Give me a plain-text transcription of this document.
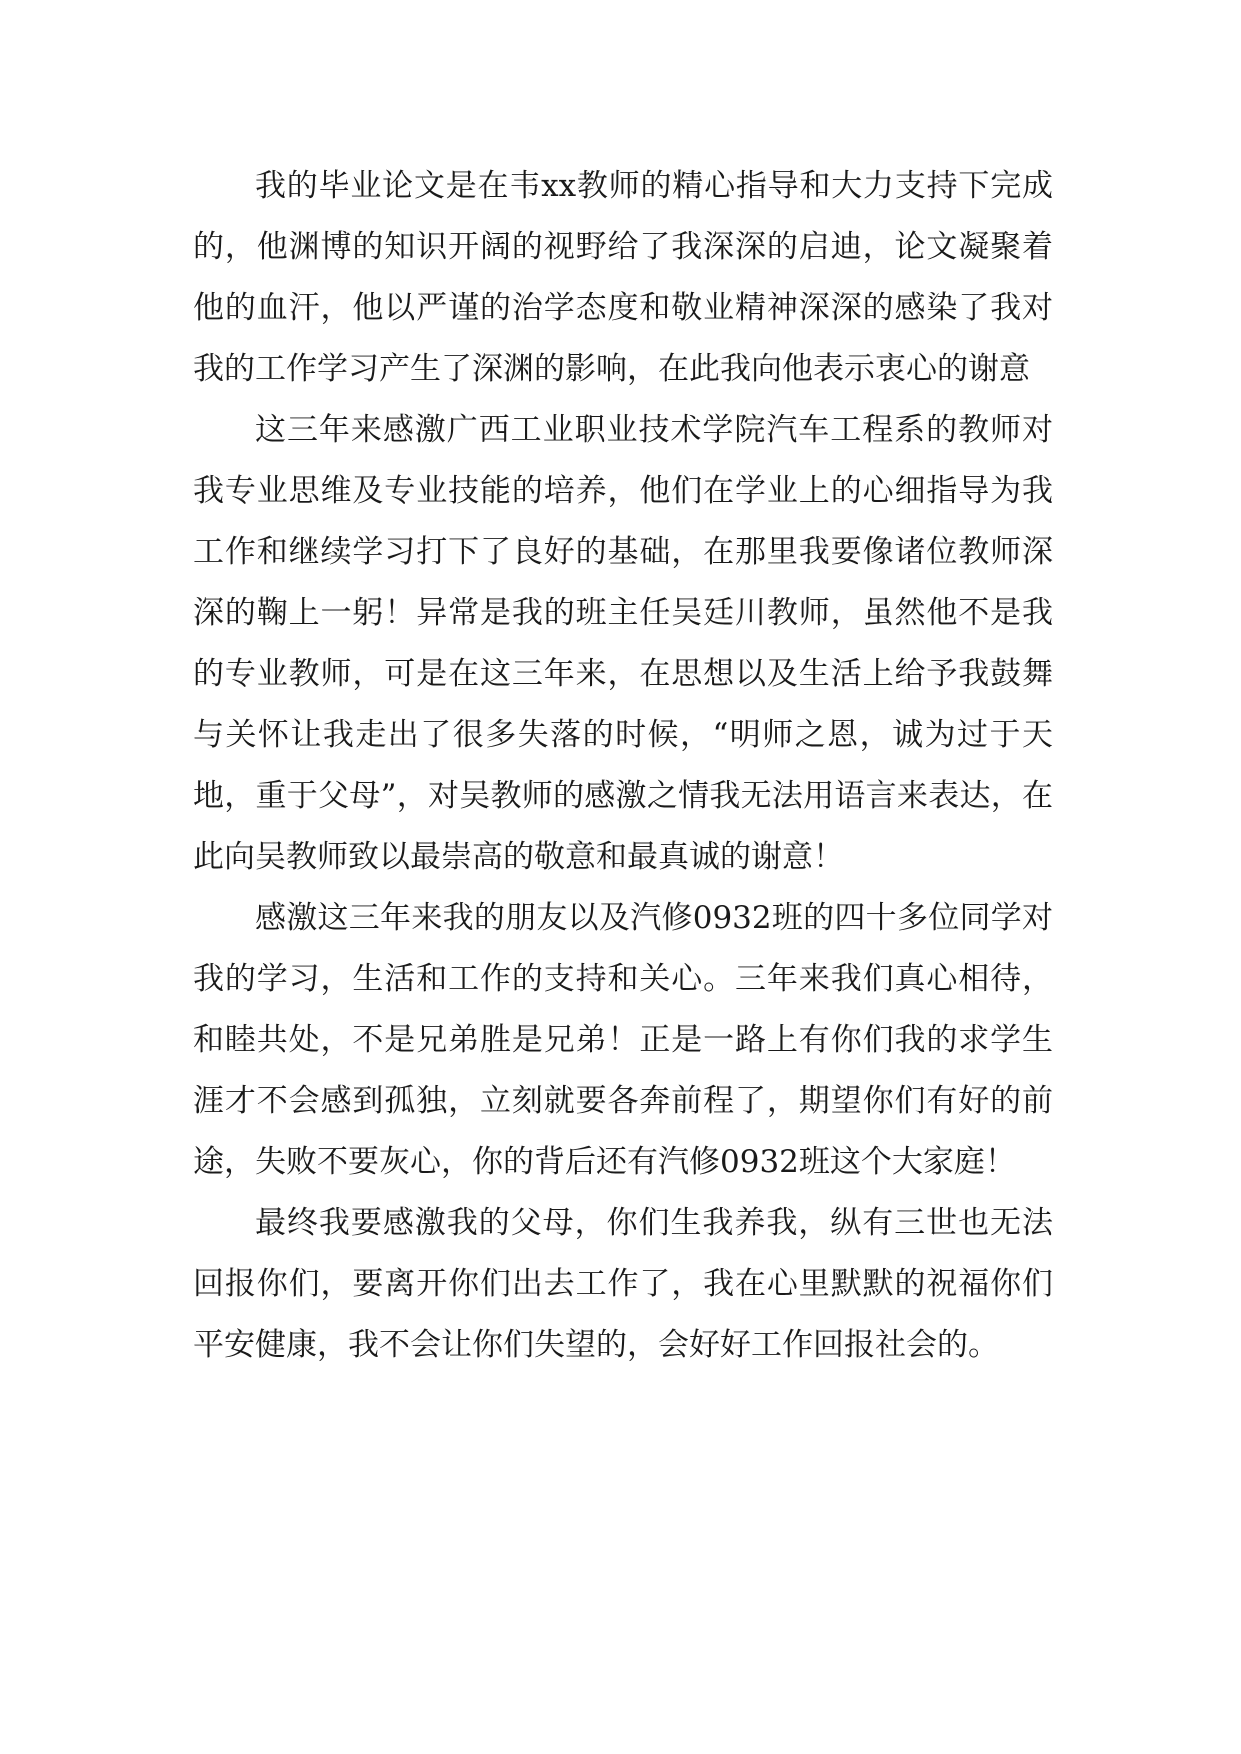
我的毕业论文是在韦xx教师的精心指导和大力支持下完成的，他渊博的知识开阔的视野给了我深深的启迪，论文凝聚着他的血汗，他以严谨的治学态度和敬业精神深深的感染了我对我的工作学习产生了深渊的影响，在此我向他表示衷心的谢意

这三年来感激广西工业职业技术学院汽车工程系的教师对我专业思维及专业技能的培养，他们在学业上的心细指导为我工作和继续学习打下了良好的基础，在那里我要像诸位教师深深的鞠上一躬！异常是我的班主任吴廷川教师，虽然他不是我的专业教师，可是在这三年来，在思想以及生活上给予我鼓舞与关怀让我走出了很多失落的时候，“明师之恩，诚为过于天地，重于父母”，对吴教师的感激之情我无法用语言来表达，在此向吴教师致以最崇高的敬意和最真诚的谢意！

感激这三年来我的朋友以及汽修0932班的四十多位同学对我的学习，生活和工作的支持和关心。三年来我们真心相待，和睦共处，不是兄弟胜是兄弟！正是一路上有你们我的求学生涯才不会感到孤独，立刻就要各奔前程了，期望你们有好的前途，失败不要灰心，你的背后还有汽修0932班这个大家庭！

最终我要感激我的父母，你们生我养我，纵有三世也无法回报你们，要离开你们出去工作了，我在心里默默的祝福你们平安健康，我不会让你们失望的，会好好工作回报社会的。
